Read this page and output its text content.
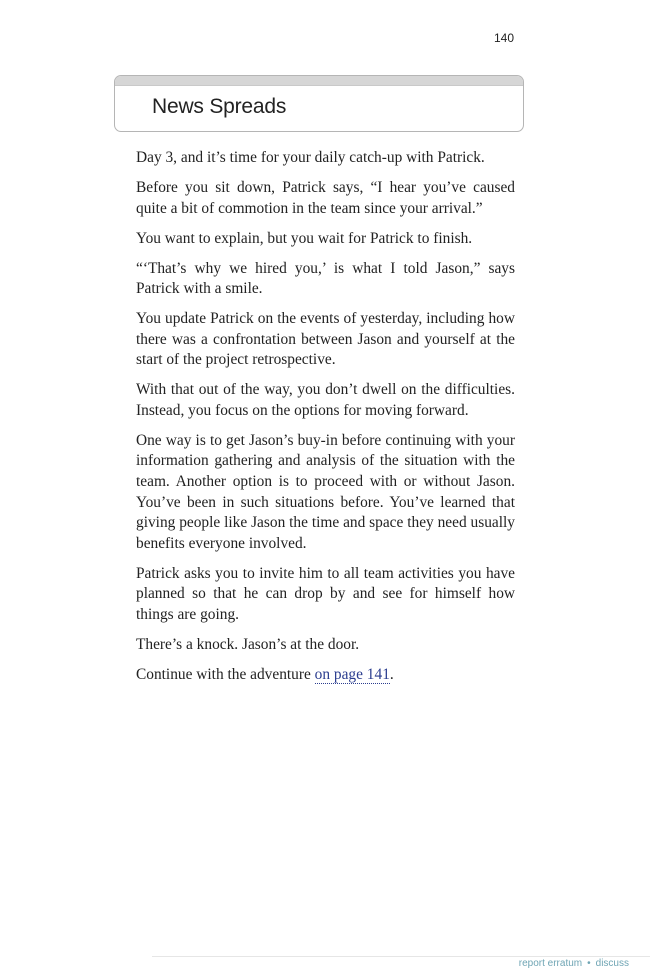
140
News Spreads

Day 3, and it’s time for your daily catch-up with Patrick.

Before you sit down, Patrick says, “I hear you’ve caused quite a bit of commotion in the team since your arrival.”

You want to explain, but you wait for Patrick to finish.

“‘That’s why we hired you,’ is what I told Jason,” says Patrick with a smile.

You update Patrick on the events of yesterday, including how there was a confrontation between Jason and yourself at the start of the project retrospective.

With that out of the way, you don’t dwell on the difficulties. Instead, you focus on the options for moving forward.

One way is to get Jason’s buy-in before continuing with your information gathering and analysis of the situation with the team. Another option is to proceed with or without Jason. You’ve been in such situations before. You’ve learned that giving people like Jason the time and space they need usually benefits everyone involved.

Patrick asks you to invite him to all team activities you have planned so that he can drop by and see for himself how things are going.

There’s a knock. Jason’s at the door.

Continue with the adventure on page 141.

report erratum • discuss
